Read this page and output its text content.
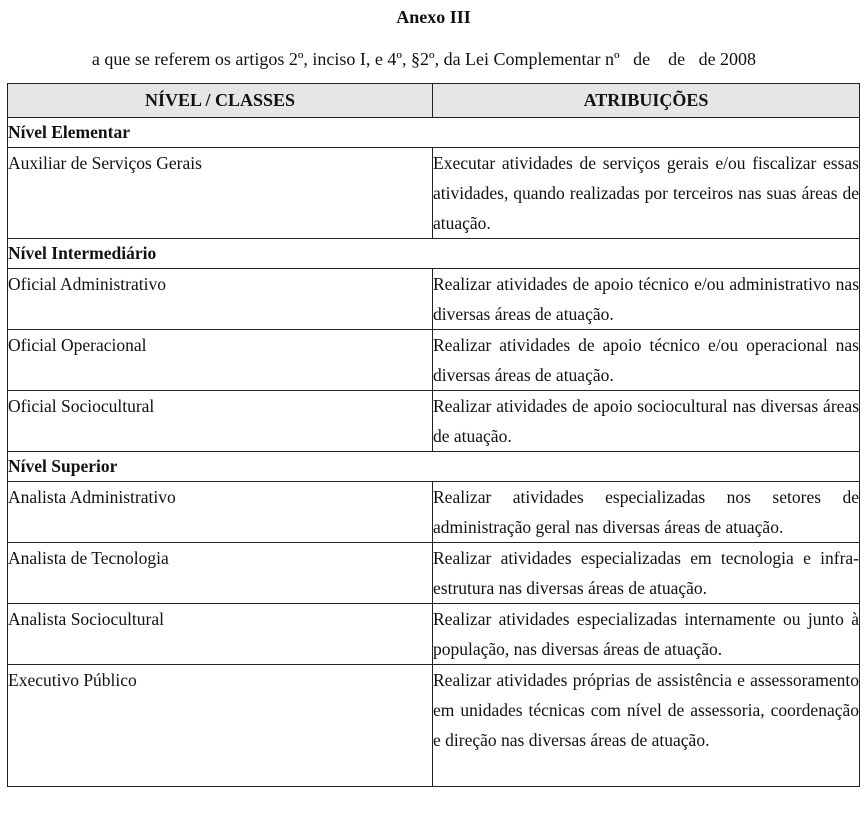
Anexo III
a que se referem os artigos 2º, inciso I, e 4º, §2º, da Lei Complementar nº   de    de   de 2008
NÍVEL / CLASSES	ATRIBUIÇÕES
Nível Elementar	
Auxiliar de Serviços Gerais	Executar atividades de serviços gerais e/ou fiscalizar essas atividades, quando realizadas por terceiros nas suas áreas de atuação.
Nível Intermediário	
Oficial Administrativo	Realizar atividades de apoio técnico e/ou administrativo nas diversas áreas de atuação.
Oficial Operacional	Realizar atividades de apoio técnico e/ou operacional nas diversas áreas de atuação.
Oficial Sociocultural	Realizar atividades de apoio sociocultural nas diversas áreas de atuação.
Nível Superior	
Analista Administrativo	Realizar atividades especializadas nos setores de administração geral nas diversas áreas de atuação.
Analista de Tecnologia	Realizar atividades especializadas em tecnologia e infra-estrutura nas diversas áreas de atuação.
Analista Sociocultural	Realizar atividades especializadas internamente ou junto à população, nas diversas áreas de atuação.
Executivo Público	Realizar atividades próprias de assistência e assessoramento em unidades técnicas com nível de assessoria, coordenação e direção nas diversas áreas de atuação.
